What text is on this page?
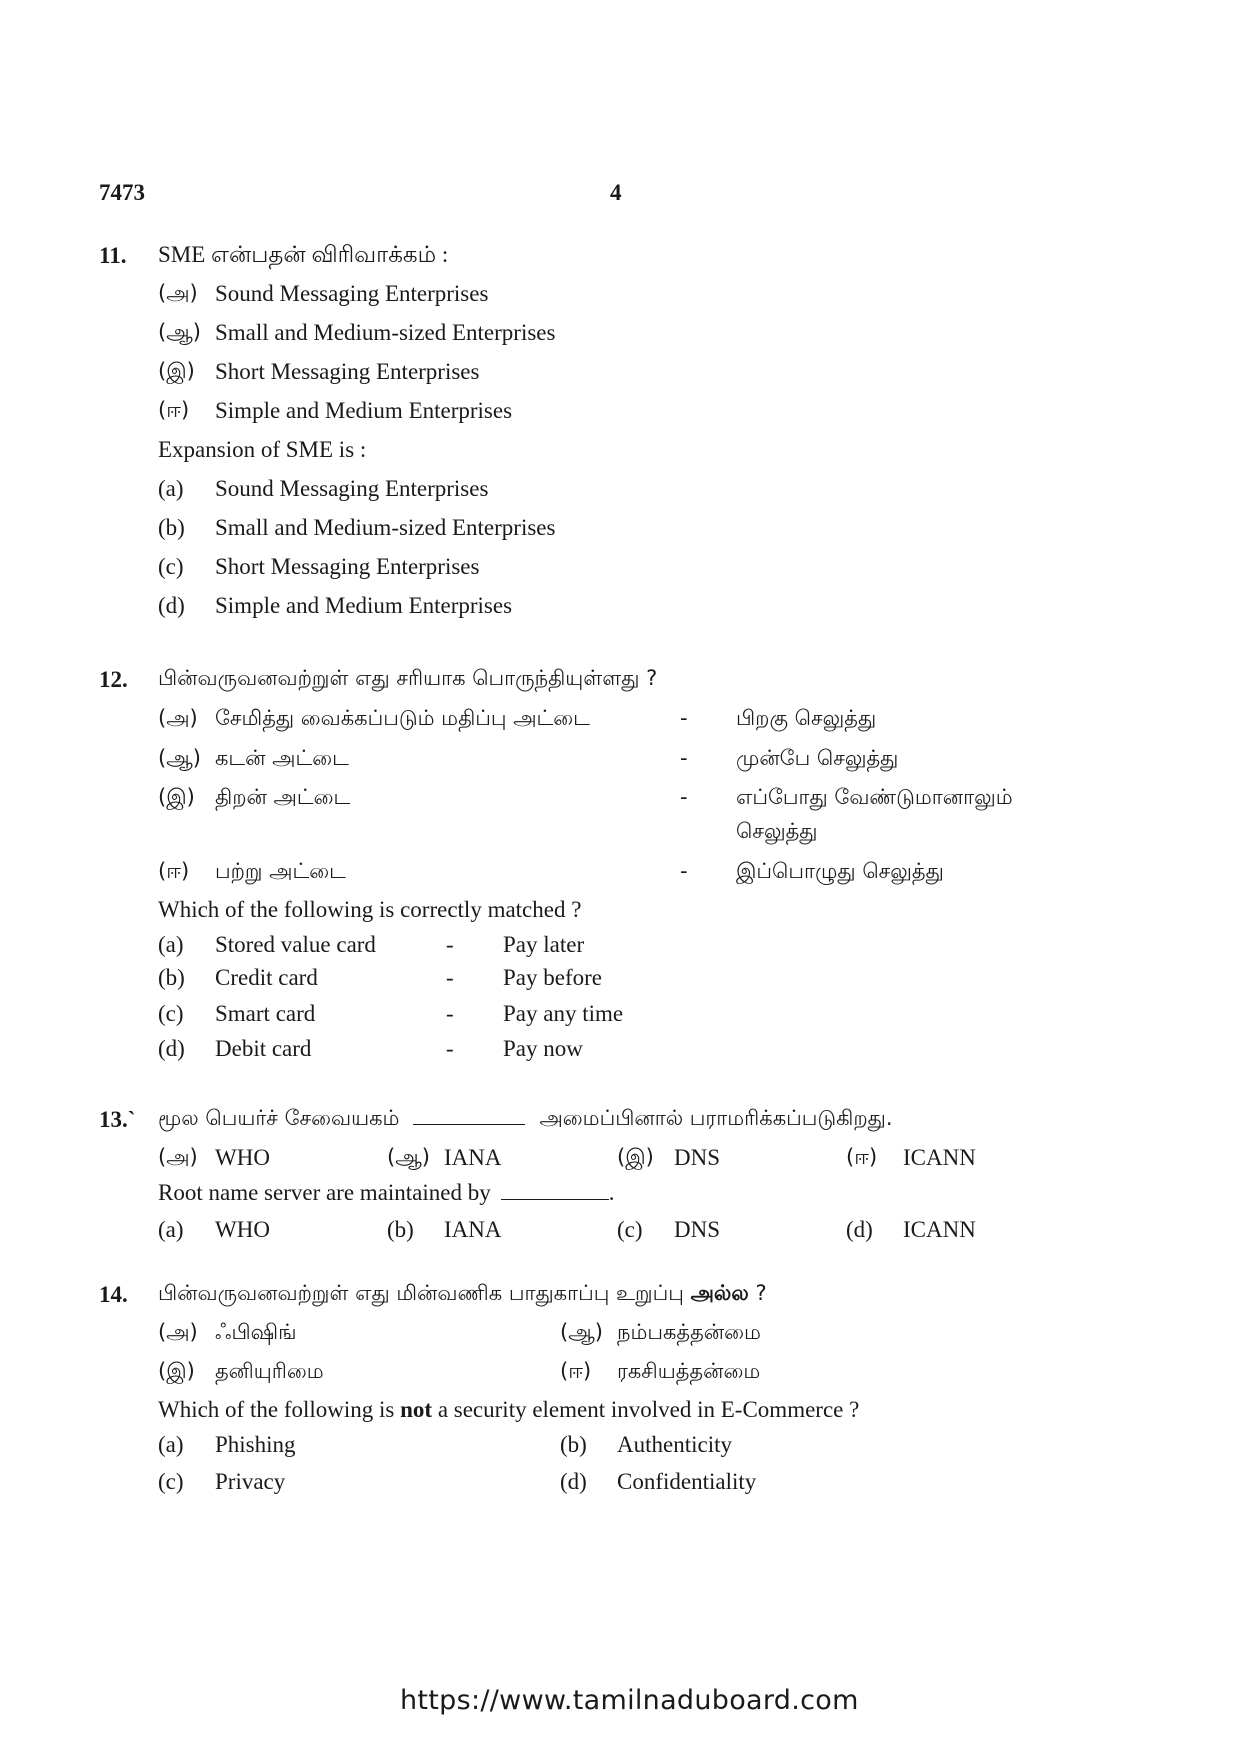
7473	4
11. SME என்பதன் விரிவாக்கம் :
(அ) Sound Messaging Enterprises
(ஆ) Small and Medium-sized Enterprises
(இ) Short Messaging Enterprises
(ஈ) Simple and Medium Enterprises
Expansion of SME is :
(a) Sound Messaging Enterprises
(b) Small and Medium-sized Enterprises
(c) Short Messaging Enterprises
(d) Simple and Medium Enterprises
12. பின்வருவனவற்றுள் எது சரியாக பொருந்தியுள்ளது ?
(அ) சேமித்து வைக்கப்படும் மதிப்பு அட்டை	- பிறகு செலுத்து
(ஆ) கடன் அட்டை	- முன்பே செலுத்து
(இ) திறன் அட்டை	- எப்போது வேண்டுமானாலும்
செலுத்து
(ஈ) பற்று அட்டை	- இப்பொழுது செலுத்து
Which of the following is correctly matched ?
(a) Stored value card	- Pay later
(b) Credit card	- Pay before
(c) Smart card	- Pay any time
(d) Debit card	- Pay now
13.` மூல பெயர்ச் சேவையகம்	அமைப்பினால் பராமரிக்கப்படுகிறது.
(அ) WHO	(ஆ) IANA	(இ) DNS	(ஈ) ICANN
Root name server are maintained by	.
(a) WHO	(b) IANA	(c) DNS	(d) ICANN
14. பின்வருவனவற்றுள் எது மின்வணிக பாதுகாப்பு உறுப்பு அல்ல ?
(அ) ஃபிஷிங்	(ஆ) நம்பகத்தன்மை
(இ) தனியுரிமை	(ஈ) ரகசியத்தன்மை
Which of the following is not a security element involved in E-Commerce ?
(a) Phishing	(b) Authenticity
(c) Privacy	(d) Confidentiality
https://www.tamilnaduboard.com
